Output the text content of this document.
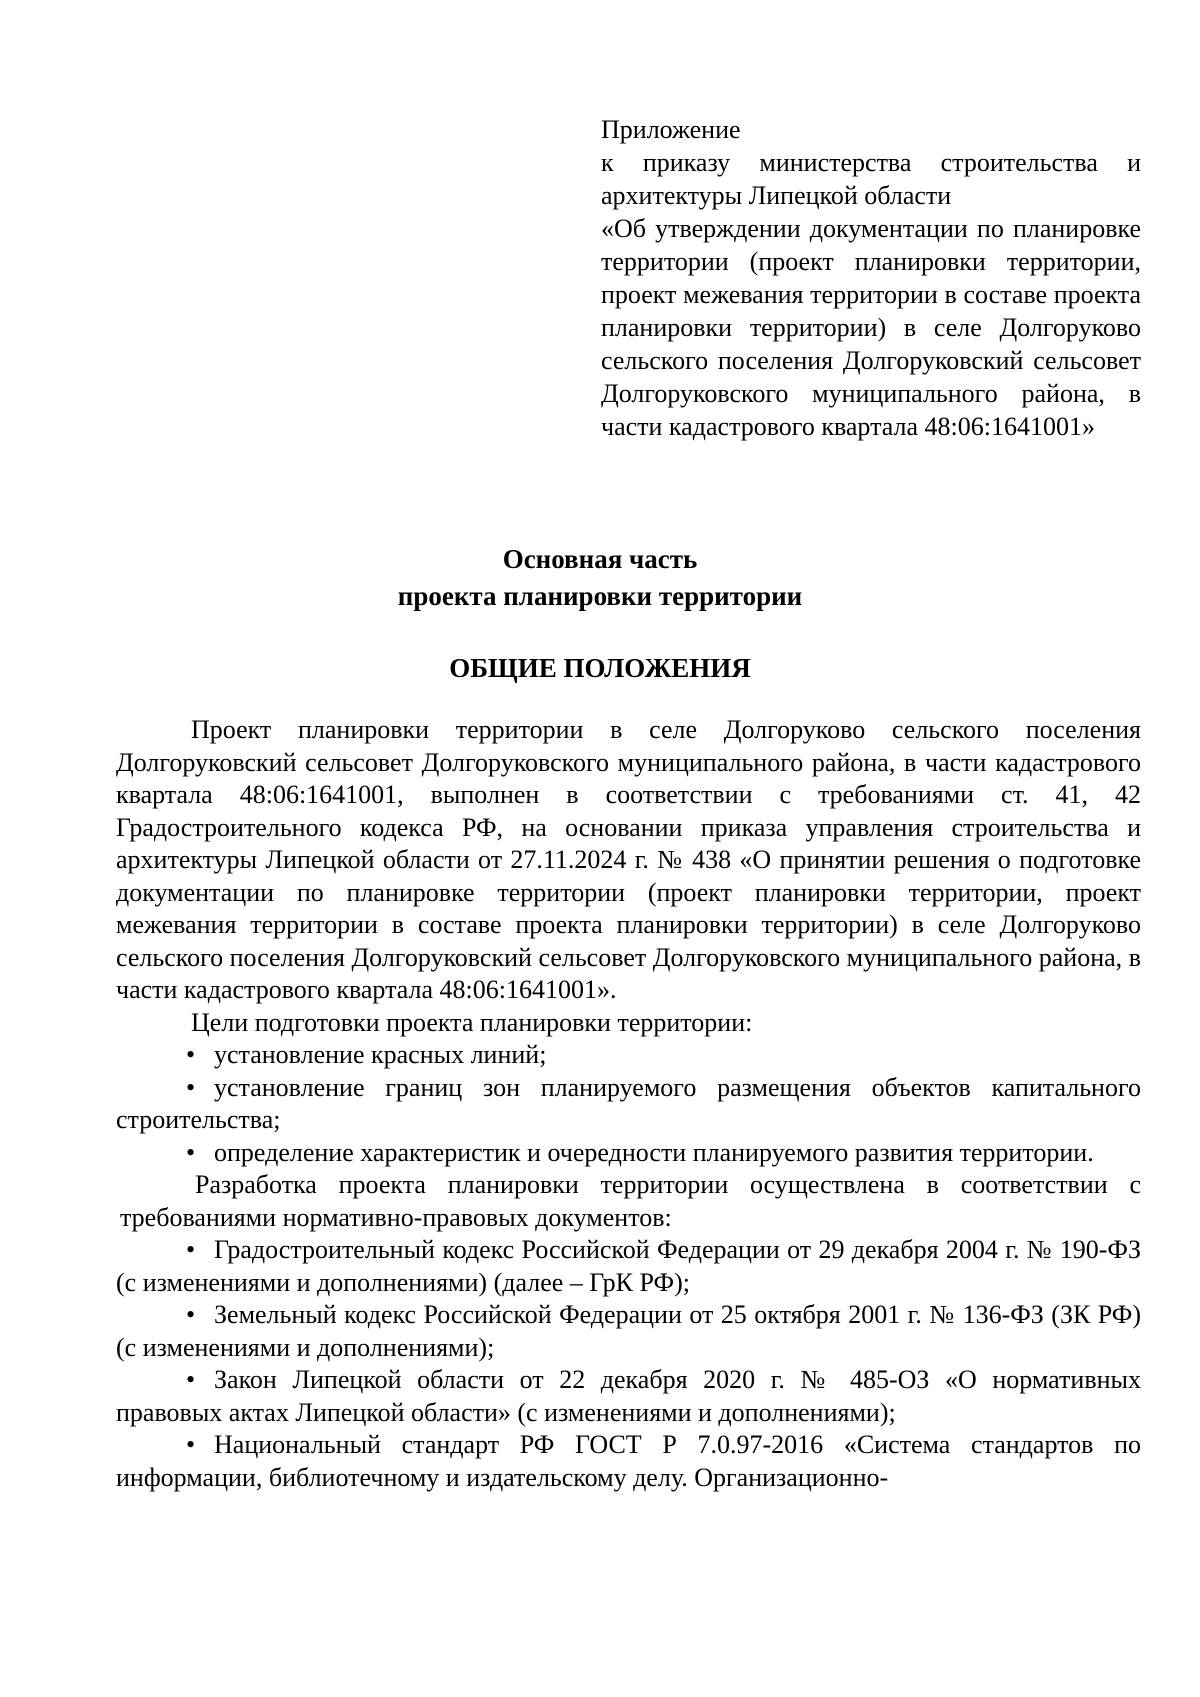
Приложение
к приказу министерства строительства и архитектуры Липецкой области
«Об утверждении документации по планировке территории (проект планировки территории, проект межевания территории в составе проекта планировки территории) в селе Долгоруково сельского поселения Долгоруковский сельсовет Долгоруковского муниципального района, в части кадастрового квартала 48:06:1641001»
Основная часть
проекта планировки территории
ОБЩИЕ ПОЛОЖЕНИЯ

Проект планировки территории в селе Долгоруково сельского поселения Долгоруковский сельсовет Долгоруковского муниципального района, в части кадастрового квартала 48:06:1641001, выполнен в соответствии с требованиями ст. 41, 42 Градостроительного кодекса РФ, на основании приказа управления строительства и архитектуры Липецкой области от 27.11.2024 г. № 438 «О принятии решения о подготовке документации по планировке территории (проект планировки территории, проект межевания территории в составе проекта планировки территории) в селе Долгоруково сельского поселения Долгоруковский сельсовет Долгоруковского муниципального района, в части кадастрового квартала 48:06:1641001».

Цели подготовки проекта планировки территории:

• установление красных линий;

• установление границ зон планируемого размещения объектов капитального строительства;

• определение характеристик и очередности планируемого развития территории.

Разработка проекта планировки территории осуществлена в соответствии с требованиями нормативно-правовых документов:

• Градостроительный кодекс Российской Федерации от 29 декабря 2004 г. № 190-ФЗ (с изменениями и дополнениями) (далее – ГрК РФ);

• Земельный кодекс Российской Федерации от 25 октября 2001 г. № 136-ФЗ (ЗК РФ) (с изменениями и дополнениями);

• Закон Липецкой области от 22 декабря 2020 г. № 485-ОЗ «О нормативных правовых актах Липецкой области» (с изменениями и дополнениями);

• Национальный стандарт РФ ГОСТ Р 7.0.97-2016 «Система стандартов по информации, библиотечному и издательскому делу. Организационно-
